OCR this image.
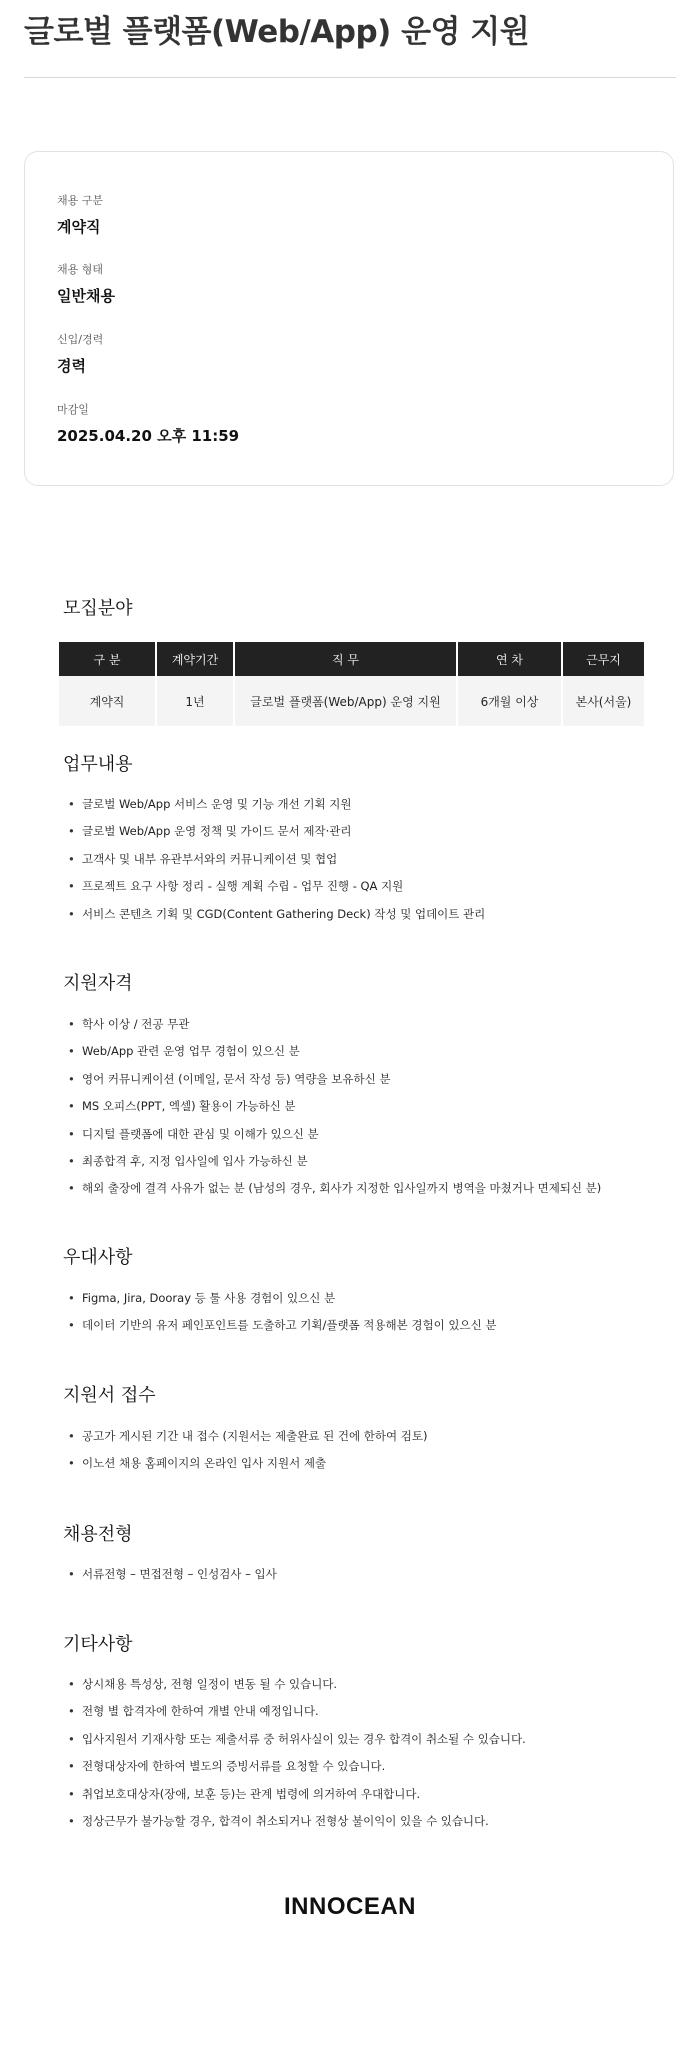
글로벌 플랫폼(Web/App) 운영 지원
채용 구분
계약직
채용 형태
일반채용
신입/경력
경력
마감일
2025.04.20 오후 11:59
모집분야
구 분	계약기간	직 무	연 차	근무지
계약직	1년	글로벌 플랫폼(Web/App) 운영 지원	6개월 이상	본사(서울)
업무내용
• 글로벌 Web/App 서비스 운영 및 기능 개선 기획 지원
• 글로벌 Web/App 운영 정책 및 가이드 문서 제작·관리
• 고객사 및 내부 유관부서와의 커뮤니케이션 및 협업
• 프로젝트 요구 사항 정리 - 실행 계획 수립 - 업무 진행 - QA 지원
• 서비스 콘텐츠 기획 및 CGD(Content Gathering Deck) 작성 및 업데이트 관리
지원자격
• 학사 이상 / 전공 무관
• Web/App 관련 운영 업무 경험이 있으신 분
• 영어 커뮤니케이션 (이메일, 문서 작성 등) 역량을 보유하신 분
• MS 오피스(PPT, 엑셀) 활용이 가능하신 분
• 디지털 플랫폼에 대한 관심 및 이해가 있으신 분
• 최종합격 후, 지정 입사일에 입사 가능하신 분
• 해외 출장에 결격 사유가 없는 분 (남성의 경우, 회사가 지정한 입사일까지 병역을 마쳤거나 면제되신 분)
우대사항
• Figma, Jira, Dooray 등 툴 사용 경험이 있으신 분
• 데이터 기반의 유저 페인포인트를 도출하고 기획/플랫폼 적용해본 경험이 있으신 분
지원서 접수
• 공고가 게시된 기간 내 접수 (지원서는 제출완료 된 건에 한하여 검토)
• 이노션 채용 홈페이지의 온라인 입사 지원서 제출
채용전형
• 서류전형 – 면접전형 – 인성검사 – 입사
기타사항
• 상시채용 특성상, 전형 일정이 변동 될 수 있습니다.
• 전형 별 합격자에 한하여 개별 안내 예정입니다.
• 입사지원서 기재사항 또는 제출서류 중 허위사실이 있는 경우 합격이 취소될 수 있습니다.
• 전형대상자에 한하여 별도의 증빙서류를 요청할 수 있습니다.
• 취업보호대상자(장애, 보훈 등)는 관계 법령에 의거하여 우대합니다.
• 정상근무가 불가능할 경우, 합격이 취소되거나 전형상 불이익이 있을 수 있습니다.
INNOCEAN
